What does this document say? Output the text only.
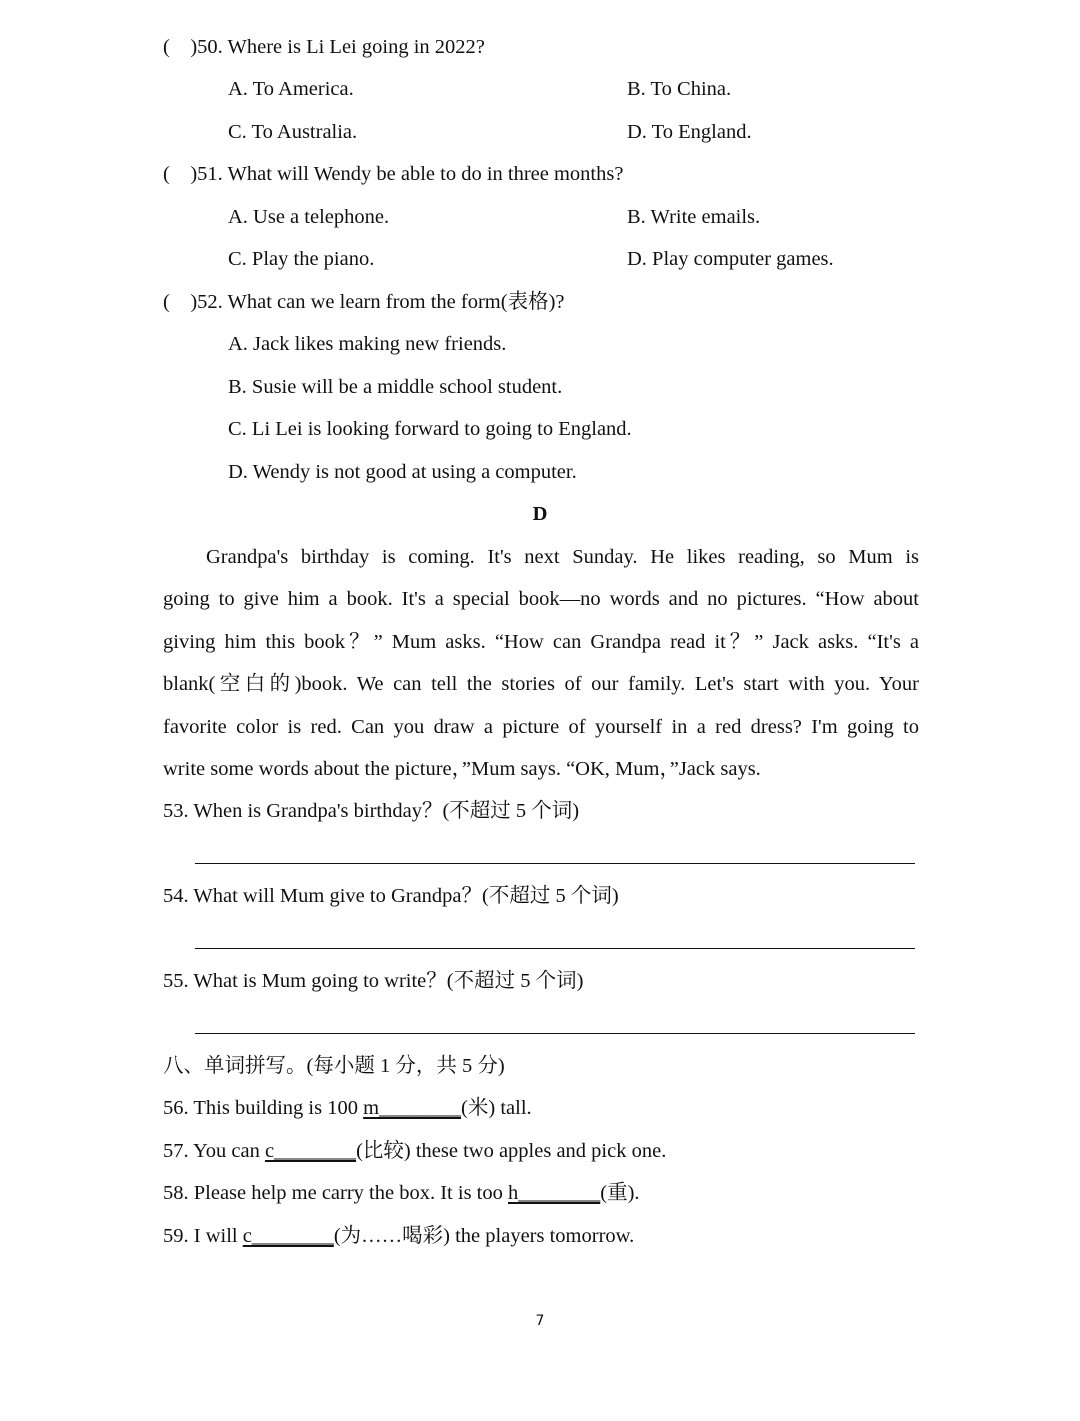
(    )50. Where is Li Lei going in 2022?
A. To America.	B. To China.
C. To Australia.	D. To England.
(    )51. What will Wendy be able to do in three months?
A. Use a telephone.	B. Write emails.
C. Play the piano.	D. Play computer games.
(    )52. What can we learn from the form(表格)?
A. Jack likes making new friends.
B. Susie will be a middle school student.
C. Li Lei is looking forward to going to England.
D. Wendy is not good at using a computer.
D
Grandpa's birthday is coming. It's next Sunday. He likes reading, so Mum is
going to give him a book. It's a special book—no words and no pictures. “How about
giving him this book？” Mum asks. “How can Grandpa read it？” Jack asks. “It's a
blank(空白的)book. We can tell the stories of our family. Let's start with you. Your
favorite color is red. Can you draw a picture of yourself in a red dress? I'm going to
write some words about the picture，”Mum says. “OK, Mum，”Jack says.
53. When is Grandpa's birthday？(不超过 5 个词)
54. What will Mum give to Grandpa？(不超过 5 个词)
55. What is Mum going to write？(不超过 5 个词)
八、单词拼写。(每小题 1 分，共 5 分)
56. This building is 100 m________(米) tall.
57. You can c________(比较) these two apples and pick one.
58. Please help me carry the box. It is too h________(重).
59. I will c________(为……喝彩) the players tomorrow.
7
